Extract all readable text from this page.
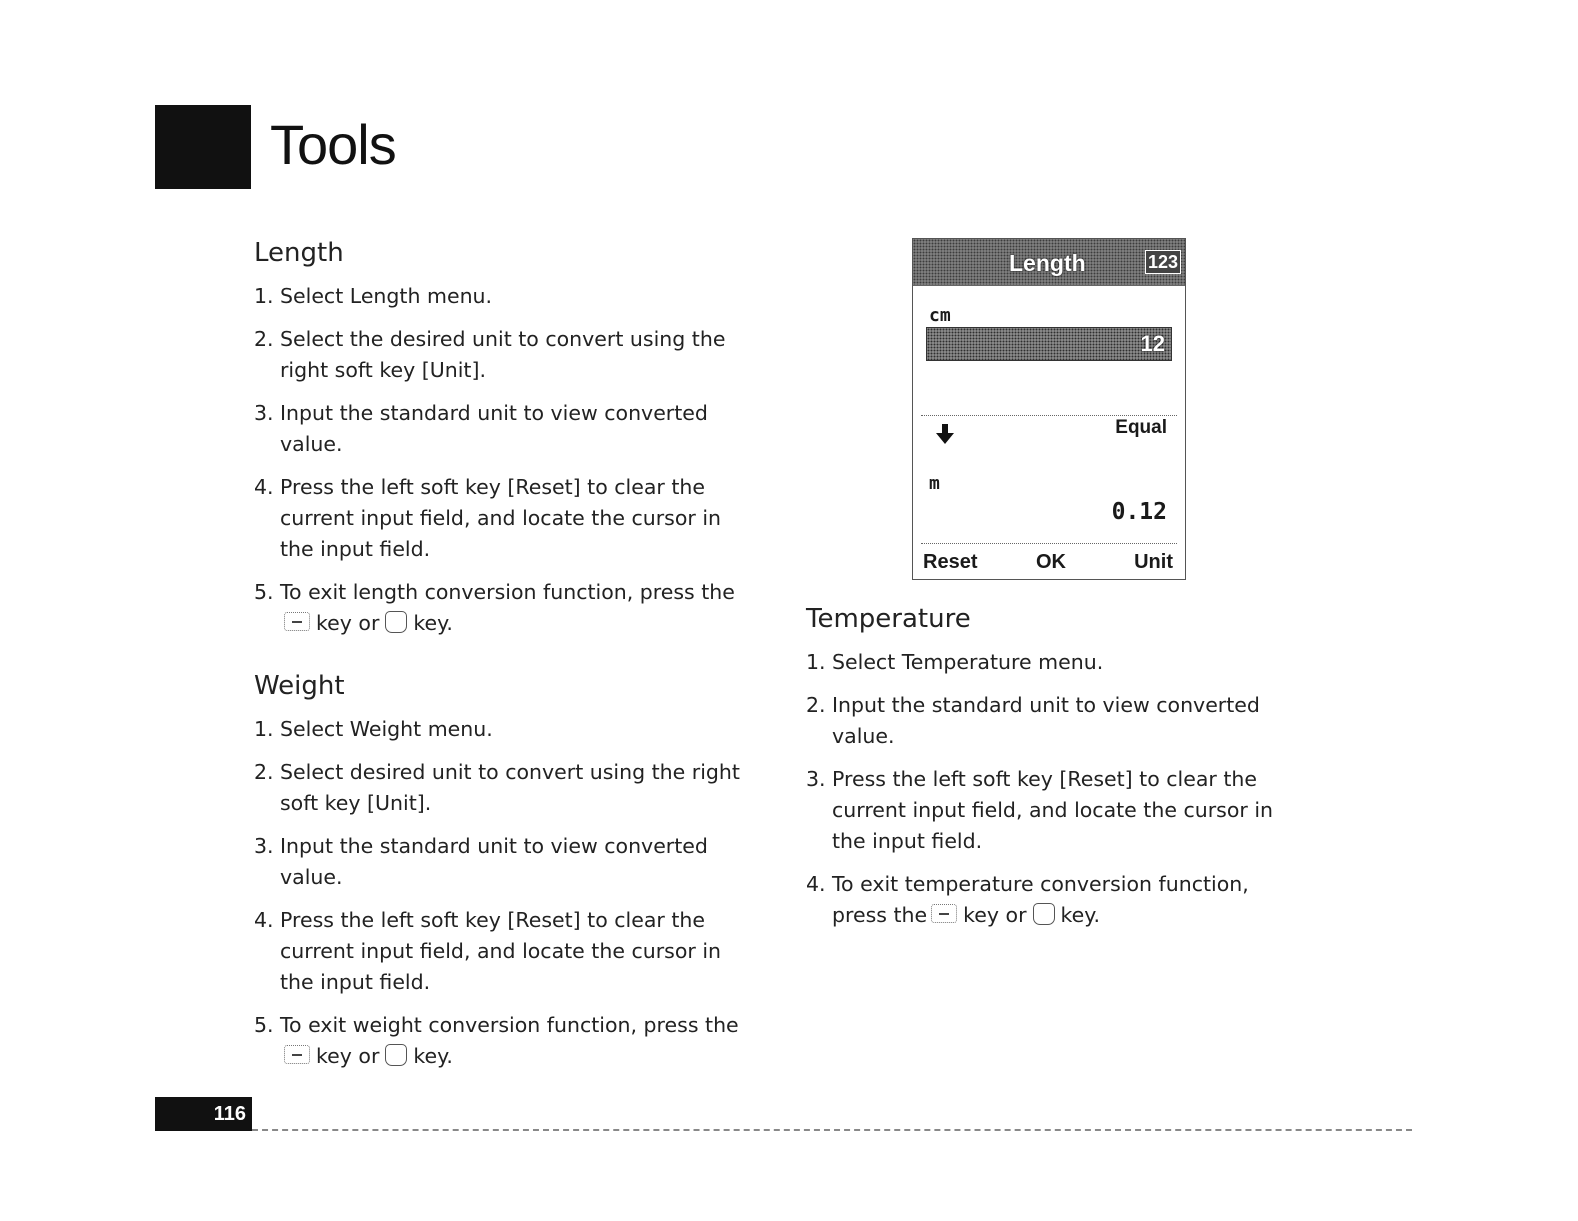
Tools
Length
1. Select Length menu.
2. Select the desired unit to convert using the right soft key [Unit].
3. Input the standard unit to view converted value.
4. Press the left soft key [Reset] to clear the current input field, and locate the cursor in the input field.
5. To exit length conversion function, press thekey or key.
Weight
1. Select Weight menu.
2. Select desired unit to convert using the right soft key [Unit].
3. Input the standard unit to view converted value.
4. Press the left soft key [Reset] to clear the current input field, and locate the cursor in the input field.
5. To exit weight conversion function, press thekey or key.
Length	123
cm
12
Equal
m
0.12
Reset	OK	Unit
Temperature
1. Select Temperature menu.
2. Input the standard unit to view converted value.
3. Press the left soft key [Reset] to clear the current input field, and locate the cursor in the input field.
4. To exit temperature conversion function, press the key or key.
116
